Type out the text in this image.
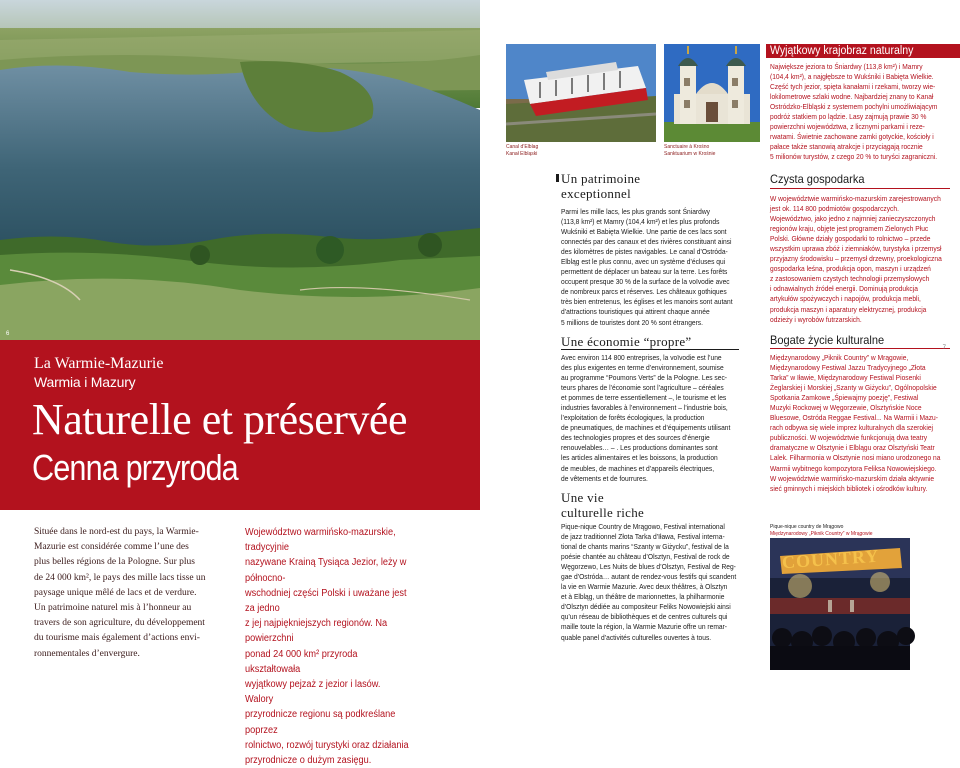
6
La Warmie-Mazurie
Warmia i Mazury
Naturelle et préservée
Cenna przyroda
Située dans le nord-est du pays, la Warmie-
Mazurie est considérée comme l’une des
plus belles régions de la Pologne. Sur plus
de 24 000 km², le pays des mille lacs tisse un
paysage unique mêlé de lacs et de verdure.
Un patrimoine naturel mis à l’honneur au
travers de son agriculture, du développement
du tourisme mais également d’actions envi-
ronnementales d’envergure.
Województwo warmińsko-mazurskie, tradycyjnie
nazywane Krainą Tysiąca Jezior, leży w północno-
wschodniej części Polski i uważane jest za jedno
z jej najpiękniejszych regionów. Na powierzchni
ponad 24 000 km² przyroda ukształtowała
wyjątkowy pejzaż z jezior i lasów. Walory
przyrodnicze regionu są podkreślane poprzez
rolnictwo, rozwój turystyki oraz działania
przyrodnicze o dużym zasięgu.
Canal d’Elblag
Kanał Elbląski
Sanctuaire à Krośno
Sanktuarium w Krośnie
Wyjątkowy krajobraz naturalny
Największe jeziora to Śniardwy (113,8 km²) i Mamry
(104,4 km²), a najgłębsze to Wukśniki i Babięta Wielkie.
Część tych jezior, spięta kanałami i rzekami, tworzy wie-
lokilometrowe szlaki wodne. Najbardziej znany to Kanał
Ostródzko-Elbląski z systemem pochylni umożliwiającym
podróż statkiem po lądzie. Lasy zajmują prawie 30 %
powierzchni województwa, z licznymi parkami i reze-
rwatami. Świetnie zachowane zamki gotyckie, kościoły i
pałace także stanowią atrakcje i przyciągają rocznie
5 milionów turystów, z czego 20 % to turyści zagraniczni.
Un patrimoine
exceptionnel
Parmi les mille lacs, les plus grands sont Śniardwy
(113,8 km²) et Mamry (104,4 km²) et les plus profonds
Wukśniki et Babięta Wielkie. Une partie de ces lacs sont
connectés par des canaux et des rivières constituant ainsi
des kilomètres de pistes navigables. Le canal d’Ostróda-
Elbląg est le plus connu, avec un système d’écluses qui
permettent de déplacer un bateau sur la terre. Les forêts
occupent presque 30 % de la surface de la voïvodie avec
de nombreux parcs et réserves. Les châteaux gothiques
très bien entretenus, les églises et les manoirs sont autant
d’attractions touristiques qui attirent chaque année
5 millions de touristes dont 20 % sont étrangers.
Czysta gospodarka
W województwie warmińsko-mazurskim zarejestrowanych
jest ok. 114 800 podmiotów gospodarczych.
Województwo, jako jedno z najmniej zanieczyszczonych
regionów kraju, objęte jest programem Zielonych Płuc
Polski. Główne działy gospodarki to rolnictwo – przede
wszystkim uprawa zbóż i ziemniaków, turystyka i przemysł
przyjazny środowisku – przemysł drzewny, proekologiczna
gospodarka leśna, produkcja opon, maszyn i urządzeń
z zastosowaniem czystych technologii przemysłowych
i odnawialnych źródeł energii. Dominują produkcja
artykułów spożywczych i napojów, produkcja mebli,
produkcja maszyn i aparatury elektrycznej, produkcja
odzieży i wyrobów futrzarskich.
Une économie “propre”
Avec environ 114 800 entreprises, la voïvodie est l’une
des plus exigentes en terme d’environnement, soumise
au programme “Poumons Verts” de la Pologne. Les sec-
teurs phares de l’économie sont l’agriculture – céréales
et pommes de terre essentiellement –, le tourisme et les
industries favorables à l’environnement – l’industrie bois,
l’exploitation de forêts écologiques, la production
de pneumatiques, de machines et d’équipements utilisant
des technologies propres et des sources d’énergie
renouvelables… – . Les productions dominantes sont
les articles alimentaires et les boissons, la production
de meubles, de machines et d’appareils électriques,
de vêtements et de fourrures.
Bogate życie kulturalne
Międzynarodowy „Piknik Country” w Mrągowie,
Międzynarodowy Festiwal Jazzu Tradycyjnego „Złota
Tarka” w Iławie, Międzynarodowy Festiwal Piosenki
Żeglarskiej i Morskiej „Szanty w Giżycku”, Ogólnopolskie
Spotkania Zamkowe „Śpiewajmy poezję”, Festiwal
Muzyki Rockowej w Węgorzewie, Olsztyńskie Noce
Bluesowe, Ostróda Reggae Festival... Na Warmii i Mazu-
rach odbywa się wiele imprez kulturalnych dla szerokiej
publiczności. W województwie funkcjonują dwa teatry
dramatyczne w Olsztynie i Elblągu oraz Olsztyński Teatr
Lalek. Filharmonia w Olsztynie nosi miano urodzonego na
Warmii wybitnego kompozytora Feliksa Nowowiejskiego.
W województwie warmińsko-mazurskim działa aktywnie
sieć gminnych i miejskich bibliotek i ośrodków kultury.
Une vie
culturelle riche
Pique-nique Country de Mrągowo, Festival international
de jazz traditionnel Złota Tarka d’Iława, Festival interna-
tional de chants marins “Szanty w Giżycku”, festival de la
poésie chantée au château d’Olsztyn, Festival de rock de
Węgorzewo, Les Nuits de blues d’Olsztyn, Festival de Reg-
gae d’Ostróda… autant de rendez-vous festifs qui scandent
la vie en Warmie Mazurie. Avec deux théâtres, à Olsztyn
et à Elbląg, un théâtre de marionnettes, la philharmonie
d’Olsztyn dédiée au compositeur Feliks Nowowiejski ainsi
qu’un réseau de bibliothèques et de centres culturels qui
maille toute la région, la Warmie Mazurie offre un remar-
quable panel d’activités culturelles ouvertes à tous.
Pique-nique country de Mrągowo
Międzynarodowy „Piknik Country” w Mrągowie
COUNTRY
7
